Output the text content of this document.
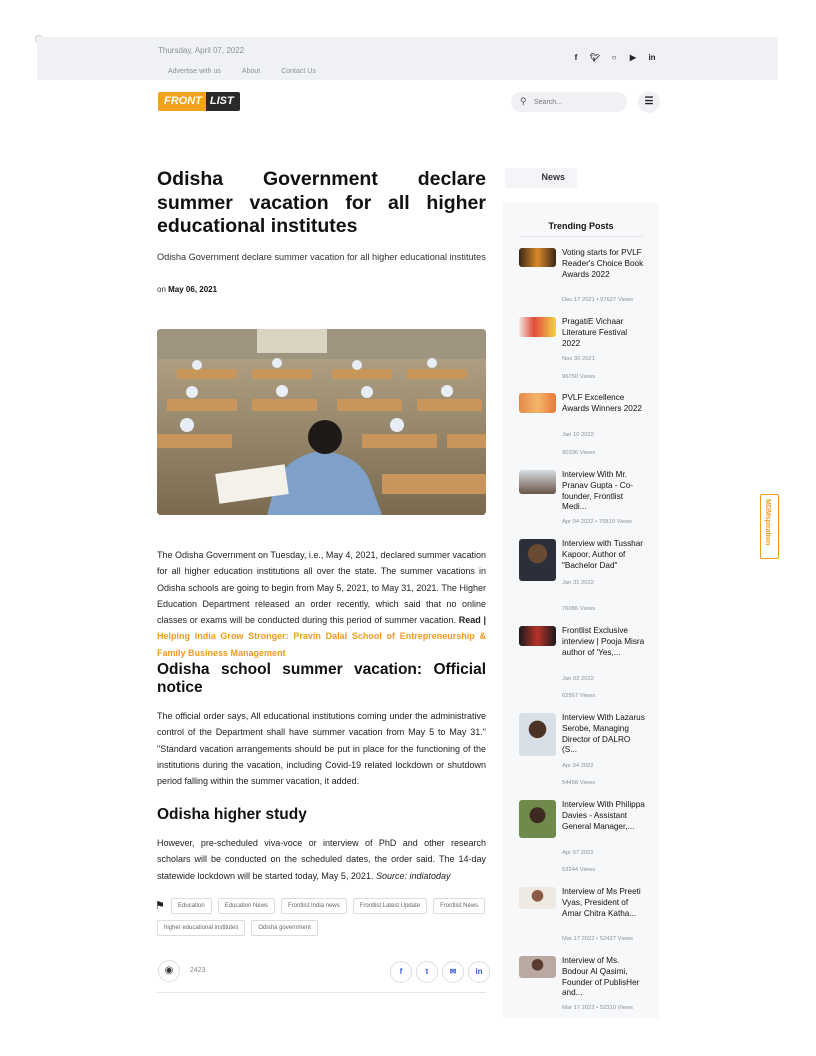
Thursday, April 07, 2022
Advertise with us	About	Contact Us
f	🐦︎	○	▶ in
FRONT LIST	⚲
Search...	☰
Odisha Government declare summer vacation for all higher educational institutes

Odisha Government declare summer vacation for all higher educational institutes

on May 06, 2021

The Odisha Government on Tuesday, i.e., May 4, 2021, declared summer vacation for all higher education institutions all over the state. The summer vacations in Odisha schools are going to begin from May 5, 2021, to May 31, 2021. The Higher Education Department released an order recently, which said that no online classes or exams will be conducted during this period of summer vacation. Read | Helping India Grow Stronger: Pravin Dalal School of Entrepreneurship & Family Business Management

Odisha school summer vacation: Official notice

The official order says, All educational institutions coming under the administrative control of the Department shall have summer vacation from May 5 to May 31." "Standard vacation arrangements should be put in place for the functioning of the institutions during the vacation, including Covid-19 related lockdown or shutdown period falling within the summer vacation, it added.

Odisha higher study

However, pre-scheduled viva-voce or interview of PhD and other research scholars will be conducted on the scheduled dates, the order said. The 14-day statewide lockdown will be started today, May 5, 2021. Source: indiatoday

⚑	Education	Education News	Frontlist India news	Frontlist Latest Update	Frontlist News
higher educational institutes	Odisha government
◉	2423	f	t	✉	in
News
Trending Posts
Voting starts for PVLF Reader's Choice Book Awards 2022
Dec 17 2021 • 97627 Views
PragatiE Vichaar Literature Festival 2022
Nov 30 2021
96750 Views
PVLF Excellence Awards Winners 2022
Jan 10 2022
90336 Views
Interview With Mr. Pranav Gupta - Co-founder, Frontlist Medi...
Apr 04 2022 • 76819 Views
Interview with Tusshar Kapoor, Author of "Bachelor Dad"
Jan 31 2022
76086 Views
Frontlist Exclusive interview | Pooja Misra author of 'Yes,...
Jan 03 2022
62567 Views
Interview With Lazarus Serobe, Managing Director of DALRO (S...
Apr 04 2022
54458 Views
Interview With Philippa Davies - Assistant General Manager,...
Apr 07 2022
53244 Views
Interview of Ms Preeti Vyas, President of Amar Chitra Katha...
Mar 17 2022 • 52427 Views
Interview of Ms. Bodour Al Qasimi, Founder of PublisHer and...
Mar 17 2022 • 52310 Views
MDMspiration
